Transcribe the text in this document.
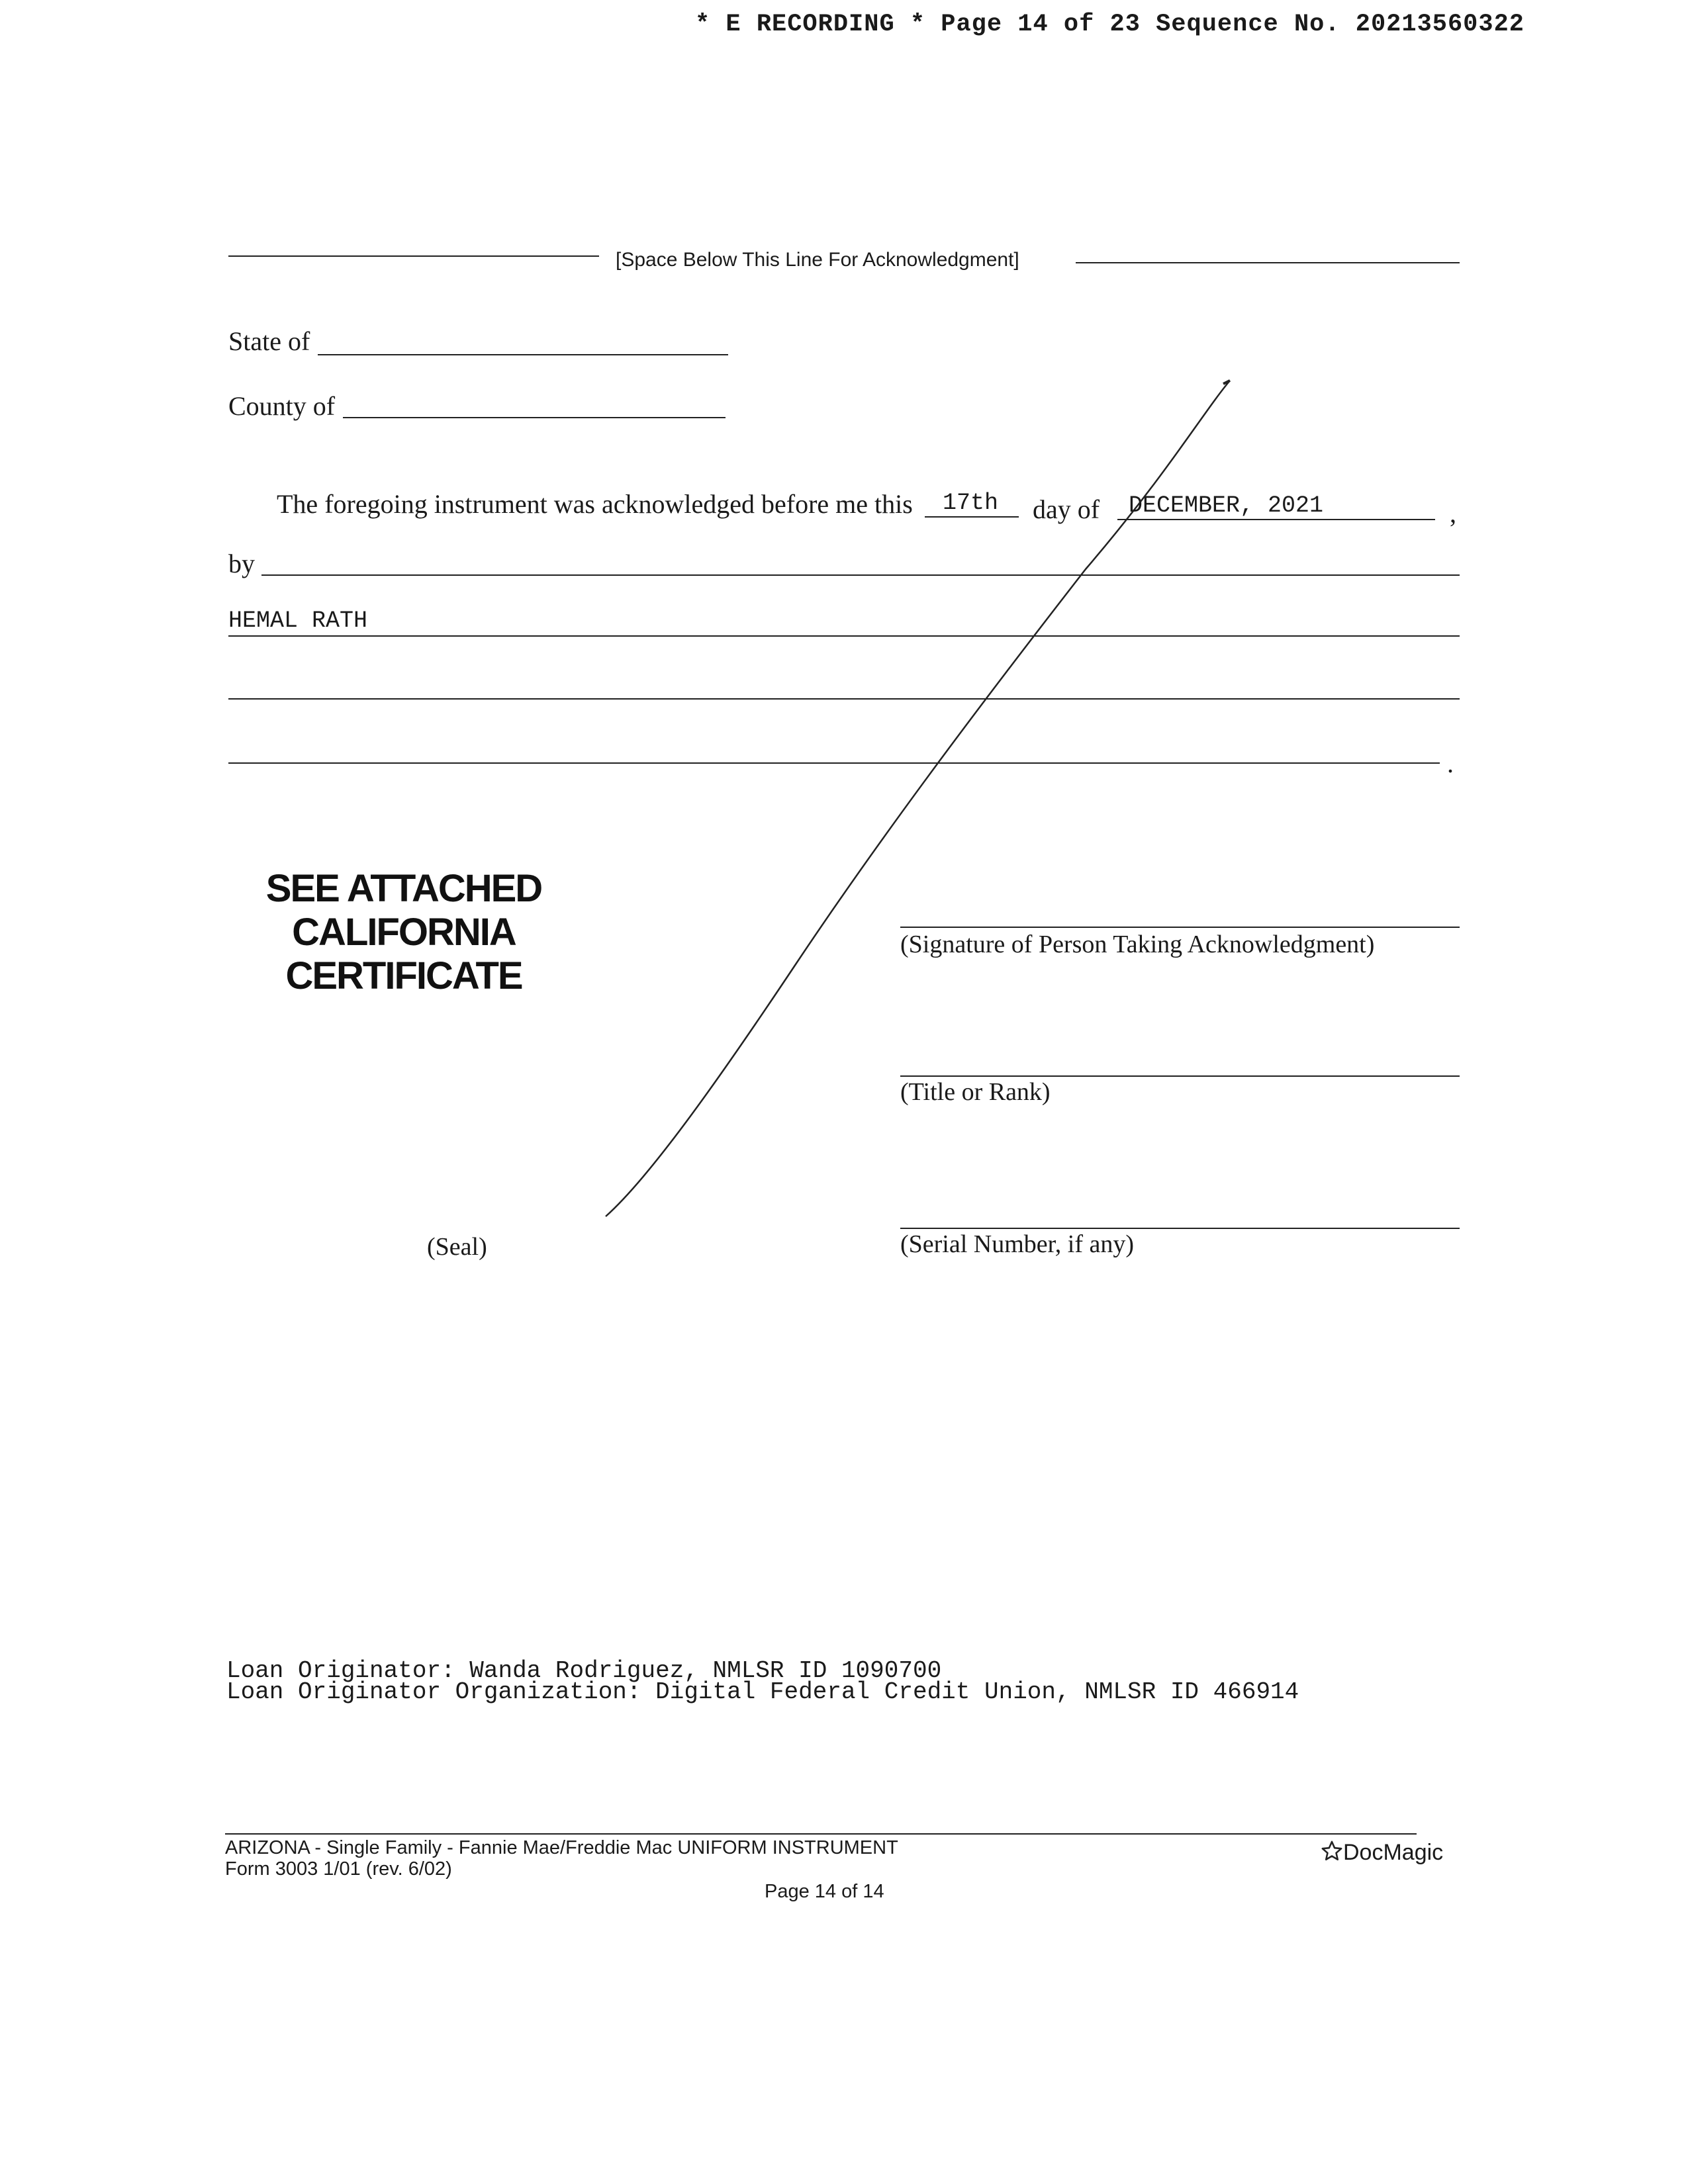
* E RECORDING * Page 14 of 23 Sequence No. 20213560322
[Space Below This Line For Acknowledgment]
State of
County of
The foregoing instrument was acknowledged before me this 17th day of DECEMBER, 2021	,
by
HEMAL RATH
.
SEE ATTACHED
CALIFORNIA
CERTIFICATE
(Signature of Person Taking Acknowledgment)
(Title or Rank)
(Serial Number, if any)
(Seal)
Loan Originator: Wanda Rodriguez, NMLSR ID 1090700
Loan Originator Organization: Digital Federal Credit Union, NMLSR ID 466914
ARIZONA - Single Family - Fannie Mae/Freddie Mac UNIFORM INSTRUMENT
Form 3003 1/01 (rev. 6/02)
Page 14 of 14
DocMagic
